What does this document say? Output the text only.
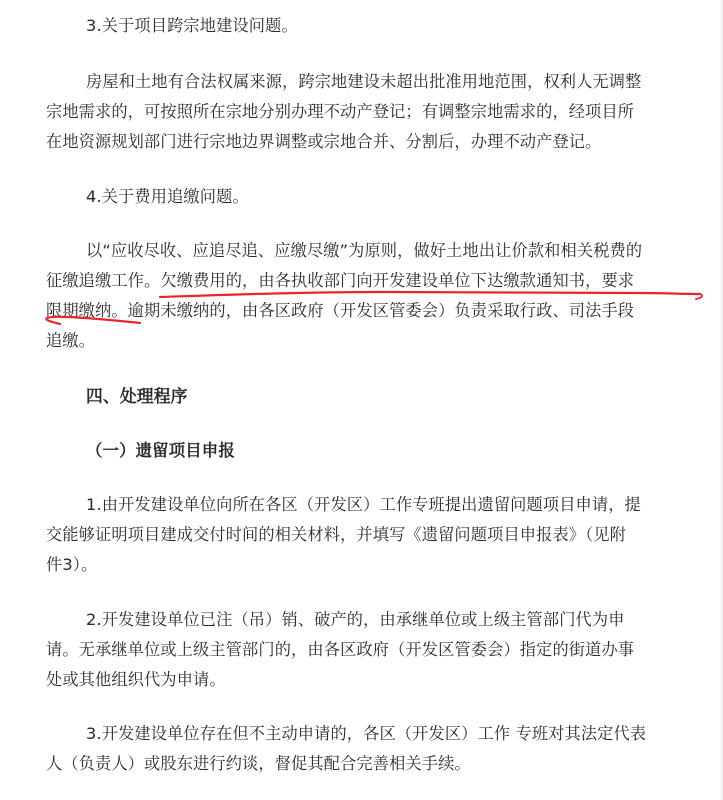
3.关于项目跨宗地建设问题。
房屋和土地有合法权属来源，跨宗地建设未超出批准用地范围，权利人无调整
宗地需求的，可按照所在宗地分别办理不动产登记；有调整宗地需求的，经项目所
在地资源规划部门进行宗地边界调整或宗地合并、分割后，办理不动产登记。
4.关于费用追缴问题。
以“应收尽收、应追尽追、应缴尽缴”为原则，做好土地出让价款和相关税费的
征缴追缴工作。欠缴费用的，由各执收部门向开发建设单位下达缴款通知书，要求
限期缴纳。逾期未缴纳的，由各区政府（开发区管委会）负责采取行政、司法手段
追缴。
四、处理程序
（一）遗留项目申报
1.由开发建设单位向所在各区（开发区）工作专班提出遗留问题项目申请，提
交能够证明项目建成交付时间的相关材料，并填写《遗留问题项目申报表》（见附
件3）。
2.开发建设单位已注（吊）销、破产的，由承继单位或上级主管部门代为申
请。无承继单位或上级主管部门的，由各区政府（开发区管委会）指定的街道办事
处或其他组织代为申请。
3.开发建设单位存在但不主动申请的，各区（开发区）工作 专班对其法定代表
人（负责人）或股东进行约谈，督促其配合完善相关手续。
